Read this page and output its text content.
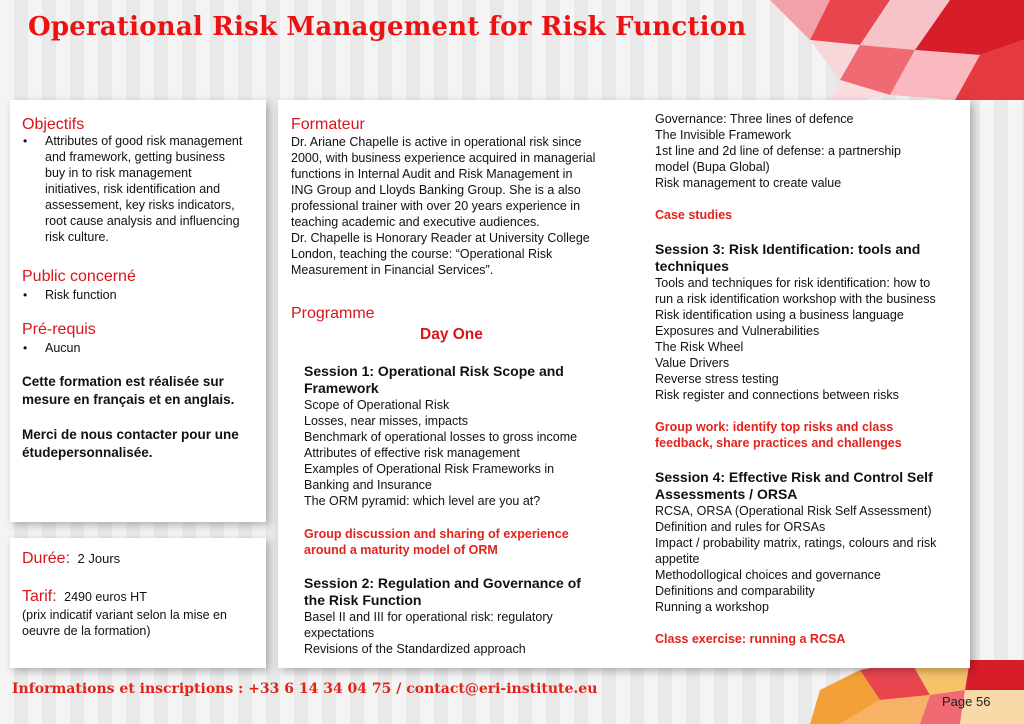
Operational Risk Management for Risk Function
Objectifs
• Attributes of good risk management
and framework, getting business
buy in to risk management
initiatives, risk identification and
assessement, key risks indicators,
root cause analysis and influencing
risk culture.
Public concerné
• Risk function
Pré-requis
• Aucun
Cette formation est réalisée sur
mesure en français et en anglais.
Merci de nous contacter pour une
étudepersonnalisée.
Durée: 2 Jours
Tarif: 2490 euros HT
(prix indicatif variant selon la mise en
oeuvre de la formation)
Formateur
Dr. Ariane Chapelle is active in operational risk since
2000, with business experience acquired in managerial
functions in Internal Audit and Risk Management in
ING Group and Lloyds Banking Group. She is a also
professional trainer with over 20 years experience in
teaching academic and executive audiences.
Dr. Chapelle is Honorary Reader at University College
London, teaching the course: “Operational Risk
Measurement in Financial Services”.
Programme
Day One
Session 1: Operational Risk Scope and
Framework
Scope of Operational Risk
Losses, near misses, impacts
Benchmark of operational losses to gross income
Attributes of effective risk management
Examples of Operational Risk Frameworks in
Banking and Insurance
The ORM pyramid: which level are you at?
Group discussion and sharing of experience
around a maturity model of ORM
Session 2: Regulation and Governance of
the Risk Function
Basel II and III for operational risk: regulatory
expectations
Revisions of the Standardized approach
Governance: Three lines of defence
The Invisible Framework
1st line and 2d line of defense: a partnership
model (Bupa Global)
Risk management to create value
Case studies
Session 3: Risk Identification: tools and
techniques
Tools and techniques for risk identification: how to
run a risk identification workshop with the business
Risk identification using a business language
Exposures and Vulnerabilities
The Risk Wheel
Value Drivers
Reverse stress testing
Risk register and connections between risks
Group work: identify top risks and class
feedback, share practices and challenges
Session 4: Effective Risk and Control Self
Assessments / ORSA
RCSA, ORSA (Operational Risk Self Assessment)
Definition and rules for ORSAs
Impact / probability matrix, ratings, colours and risk
appetite
Methodollogical choices and governance
Definitions and comparability
Running a workshop
Class exercise: running a RCSA
Informations et inscriptions : +33 6 14 34 04 75 / contact@eri-institute.eu
Page 56
